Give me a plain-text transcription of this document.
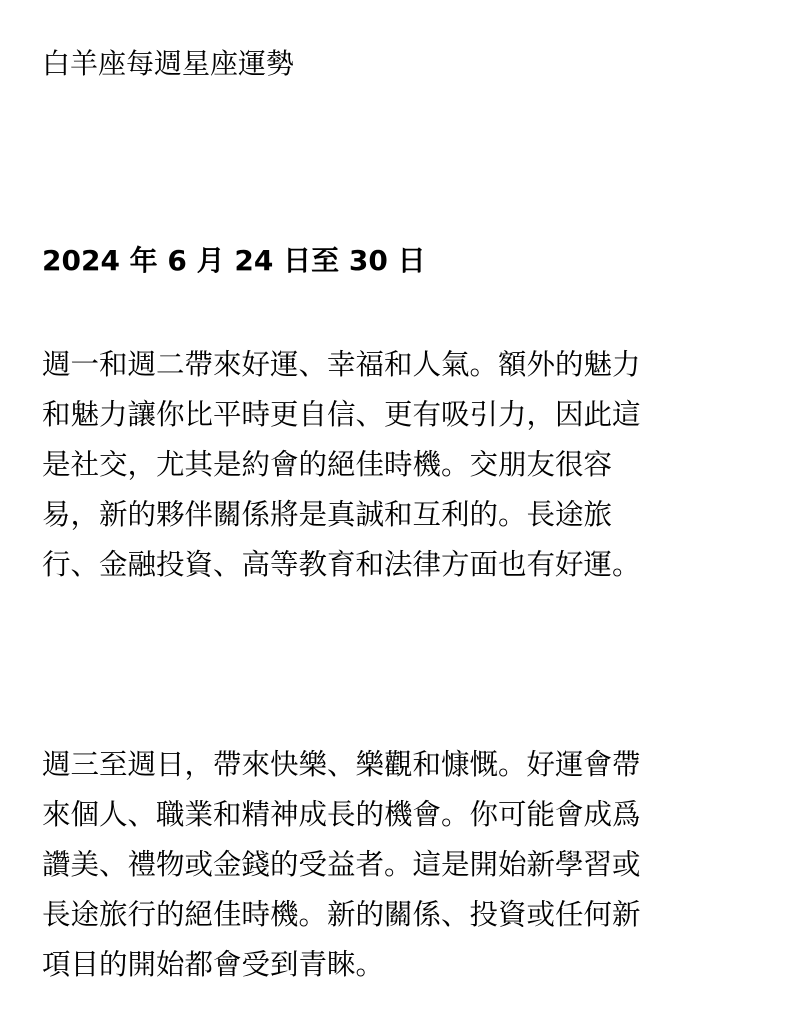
白羊座每週星座運勢
2024 年 6 月 24 日至 30 日

週一和週二帶來好運、幸福和人氣。額外的魅力
和魅力讓你比平時更自信、更有吸引力，因此這
是社交，尤其是約會的絕佳時機。交朋友很容
易，新的夥伴關係將是真誠和互利的。長途旅
行、金融投資、高等教育和法律方面也有好運。

週三至週日，帶來快樂、樂觀和慷慨。好運會帶
來個人、職業和精神成長的機會。你可能會成爲
讚美、禮物或金錢的受益者。這是開始新學習或
長途旅行的絕佳時機。新的關係、投資或任何新
項目的開始都會受到青睞。
